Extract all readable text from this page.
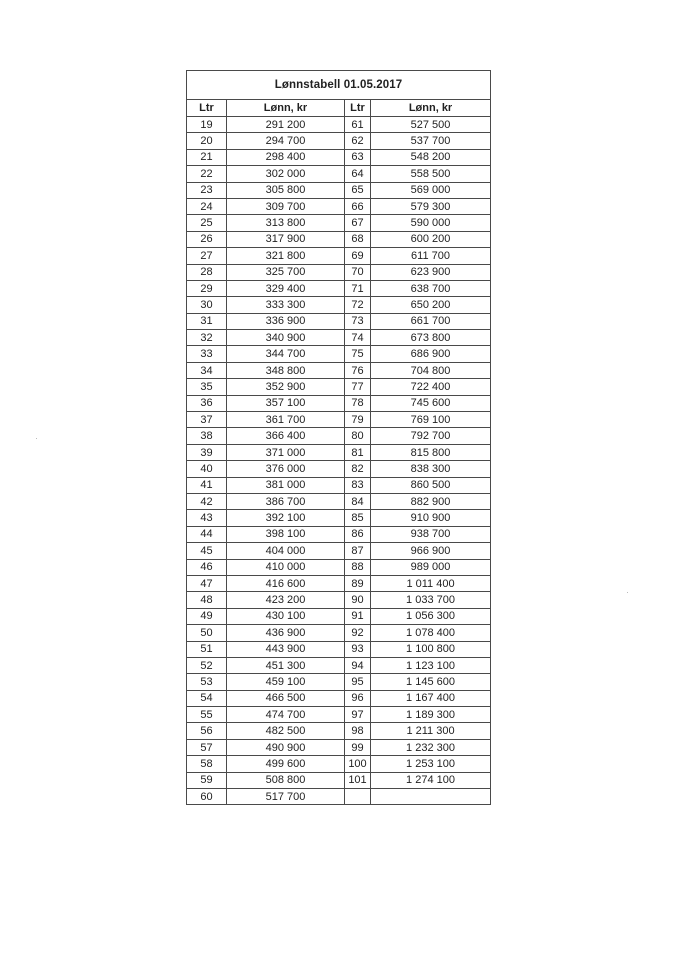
Lønnstabell 01.05.2017			
Ltr	Lønn, kr	Ltr	Lønn, kr
19	291 200	61	527 500
20	294 700	62	537 700
21	298 400	63	548 200
22	302 000	64	558 500
23	305 800	65	569 000
24	309 700	66	579 300
25	313 800	67	590 000
26	317 900	68	600 200
27	321 800	69	611 700
28	325 700	70	623 900
29	329 400	71	638 700
30	333 300	72	650 200
31	336 900	73	661 700
32	340 900	74	673 800
33	344 700	75	686 900
34	348 800	76	704 800
35	352 900	77	722 400
36	357 100	78	745 600
37	361 700	79	769 100
38	366 400	80	792 700
39	371 000	81	815 800
40	376 000	82	838 300
41	381 000	83	860 500
42	386 700	84	882 900
43	392 100	85	910 900
44	398 100	86	938 700
45	404 000	87	966 900
46	410 000	88	989 000
47	416 600	89	1 011 400
48	423 200	90	1 033 700
49	430 100	91	1 056 300
50	436 900	92	1 078 400
51	443 900	93	1 100 800
52	451 300	94	1 123 100
53	459 100	95	1 145 600
54	466 500	96	1 167 400
55	474 700	97	1 189 300
56	482 500	98	1 211 300
57	490 900	99	1 232 300
58	499 600	100	1 253 100
59	508 800	101	1 274 100
60	517 700		
